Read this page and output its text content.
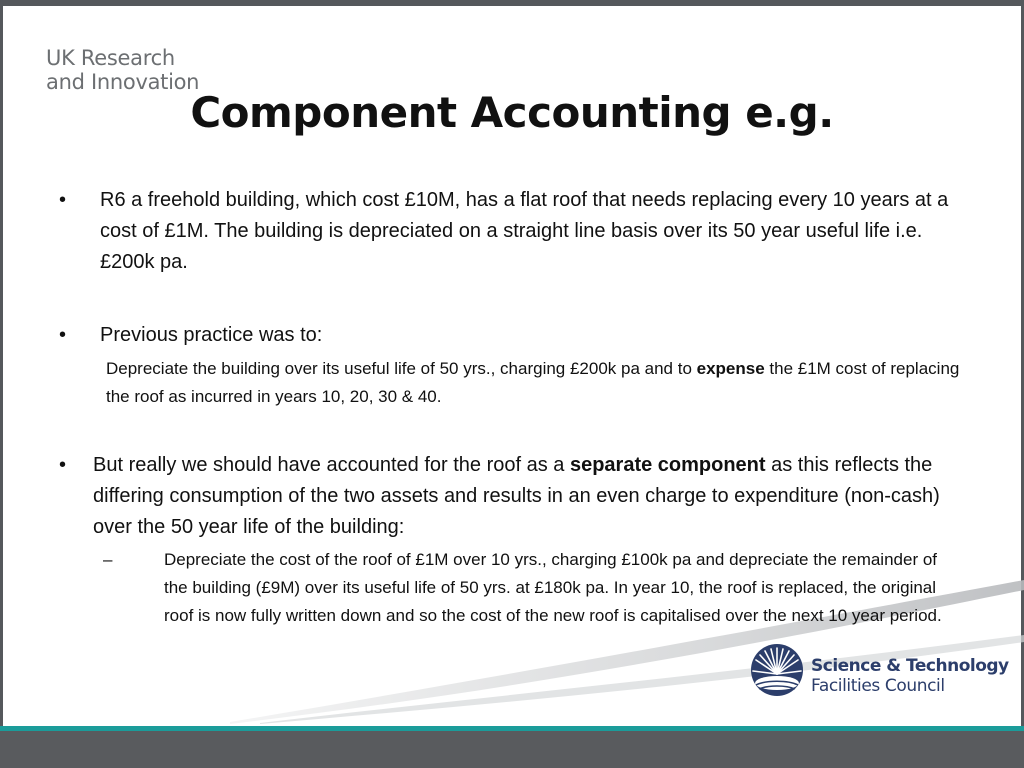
UK Research
and Innovation
Component Accounting e.g.
• R6 a freehold building, which cost £10M, has a flat roof that needs replacing every 10 years at a cost of £1M. The building is depreciated on a straight line basis over its 50 year useful life i.e. £200k pa.
• Previous practice was to:
Depreciate the building over its useful life of 50 yrs., charging £200k pa and to expense the £1M cost of replacing the roof as incurred in years 10, 20, 30 & 40.
• But really we should have accounted for the roof as a separate component as this reflects the differing consumption of the two assets and results in an even charge to expenditure (non-cash) over the 50 year life of the building:
–	Depreciate the cost of the roof of £1M over 10 yrs., charging £100k pa and depreciate the remainder of the building (£9M) over its useful life of 50 yrs. at £180k pa. In year 10, the roof is replaced, the original roof is now fully written down and so the cost of the new roof is capitalised over the next 10 year period.
Science & Technology
Facilities Council
